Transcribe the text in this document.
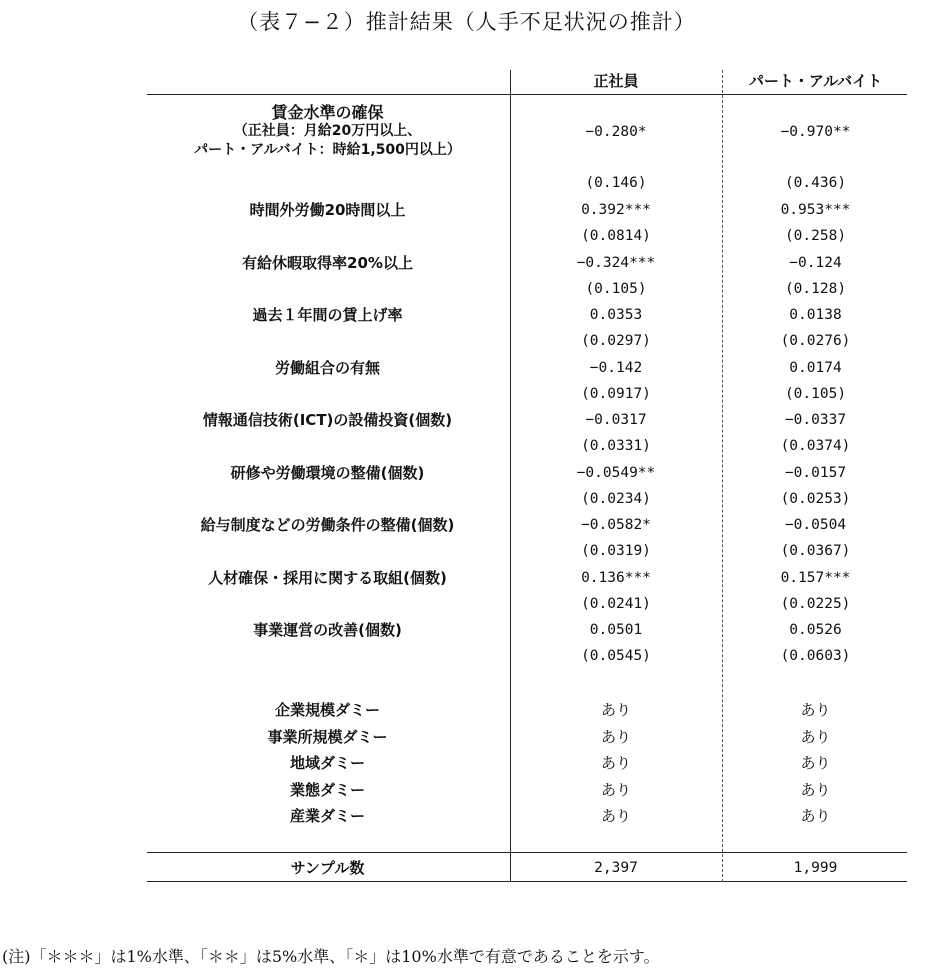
（表７−２）推計結果（人手不足状況の推計）
正社員	パート・アルバイト
賃金水準の確保
（正社員：月給20万円以上、
パート・アルバイト：時給1,500円以上）
−0.280*	−0.970**
(0.146)	(0.436)
時間外労働20時間以上	0.392***	0.953***
(0.0814)	(0.258)
有給休暇取得率20%以上	−0.324***	−0.124
(0.105)	(0.128)
過去１年間の賃上げ率	0.0353	0.0138
(0.0297)	(0.0276)
労働組合の有無	−0.142	0.0174
(0.0917)	(0.105)
情報通信技術(ICT)の設備投資(個数)	−0.0317	−0.0337
(0.0331)	(0.0374)
研修や労働環境の整備(個数)	−0.0549**	−0.0157
(0.0234)	(0.0253)
給与制度などの労働条件の整備(個数)	−0.0582*	−0.0504
(0.0319)	(0.0367)
人材確保・採用に関する取組(個数)	0.136***	0.157***
(0.0241)	(0.0225)
事業運営の改善(個数)	0.0501	0.0526
(0.0545)	(0.0603)
企業規模ダミー	あり	あり
事業所規模ダミー	あり	あり
地域ダミー	あり	あり
業態ダミー	あり	あり
産業ダミー	あり	あり
サンプル数	2,397	1,999
(注)「＊＊＊」は1%水準、「＊＊」は5%水準、「＊」は10%水準で有意であることを示す。
